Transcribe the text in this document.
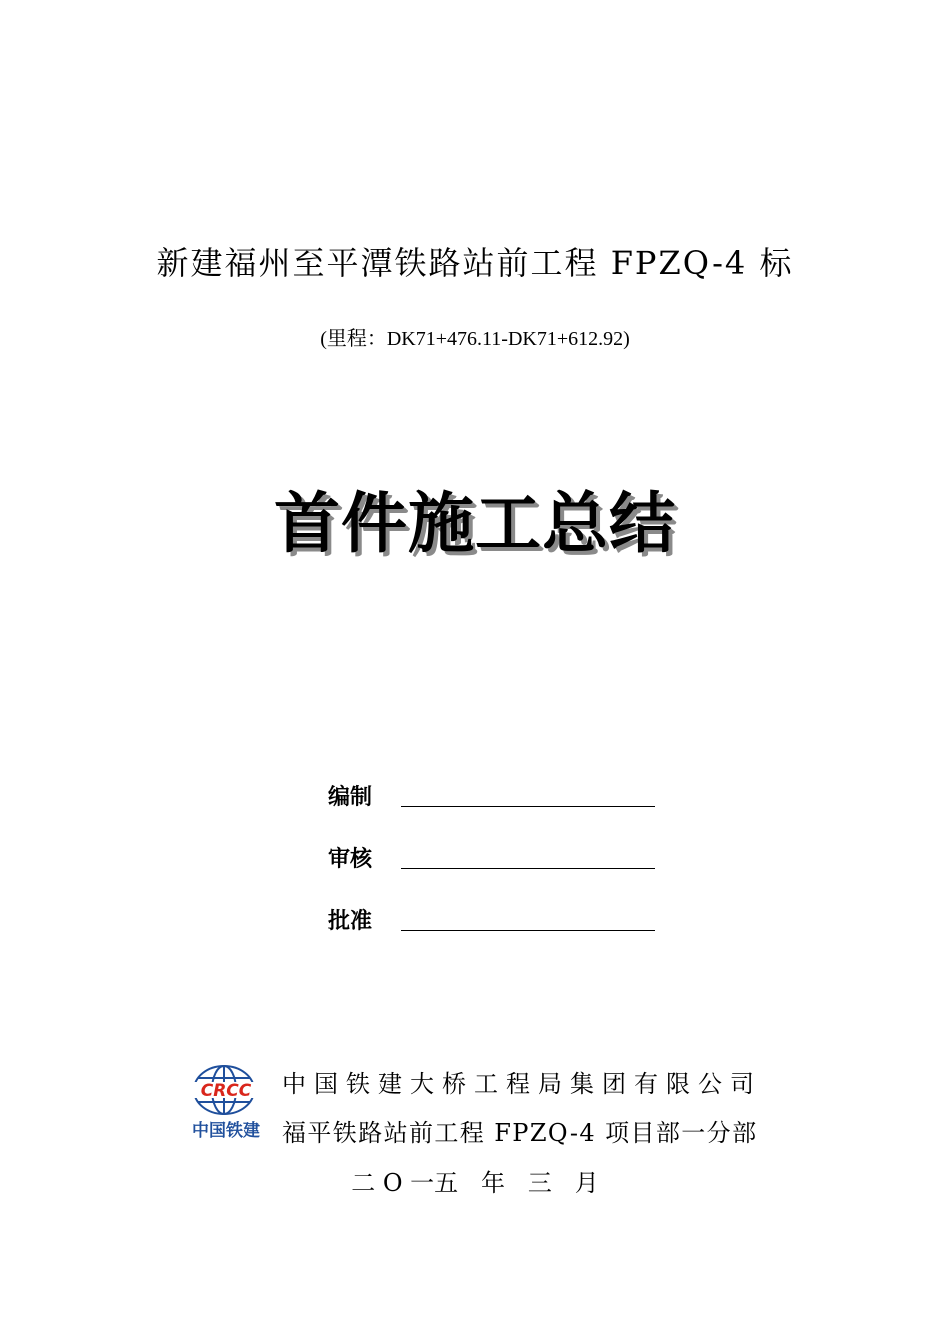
新建福州至平潭铁路站前工程 FPZQ-4 标
(里程：DK71+476.11-DK71+612.92)
首件施工总结
编制
审核
批准
CRCC
中国铁建
中国铁建大桥工程局集团有限公司
福平铁路站前工程 FPZQ-4 项目部一分部
二 O 一五   年   三   月
